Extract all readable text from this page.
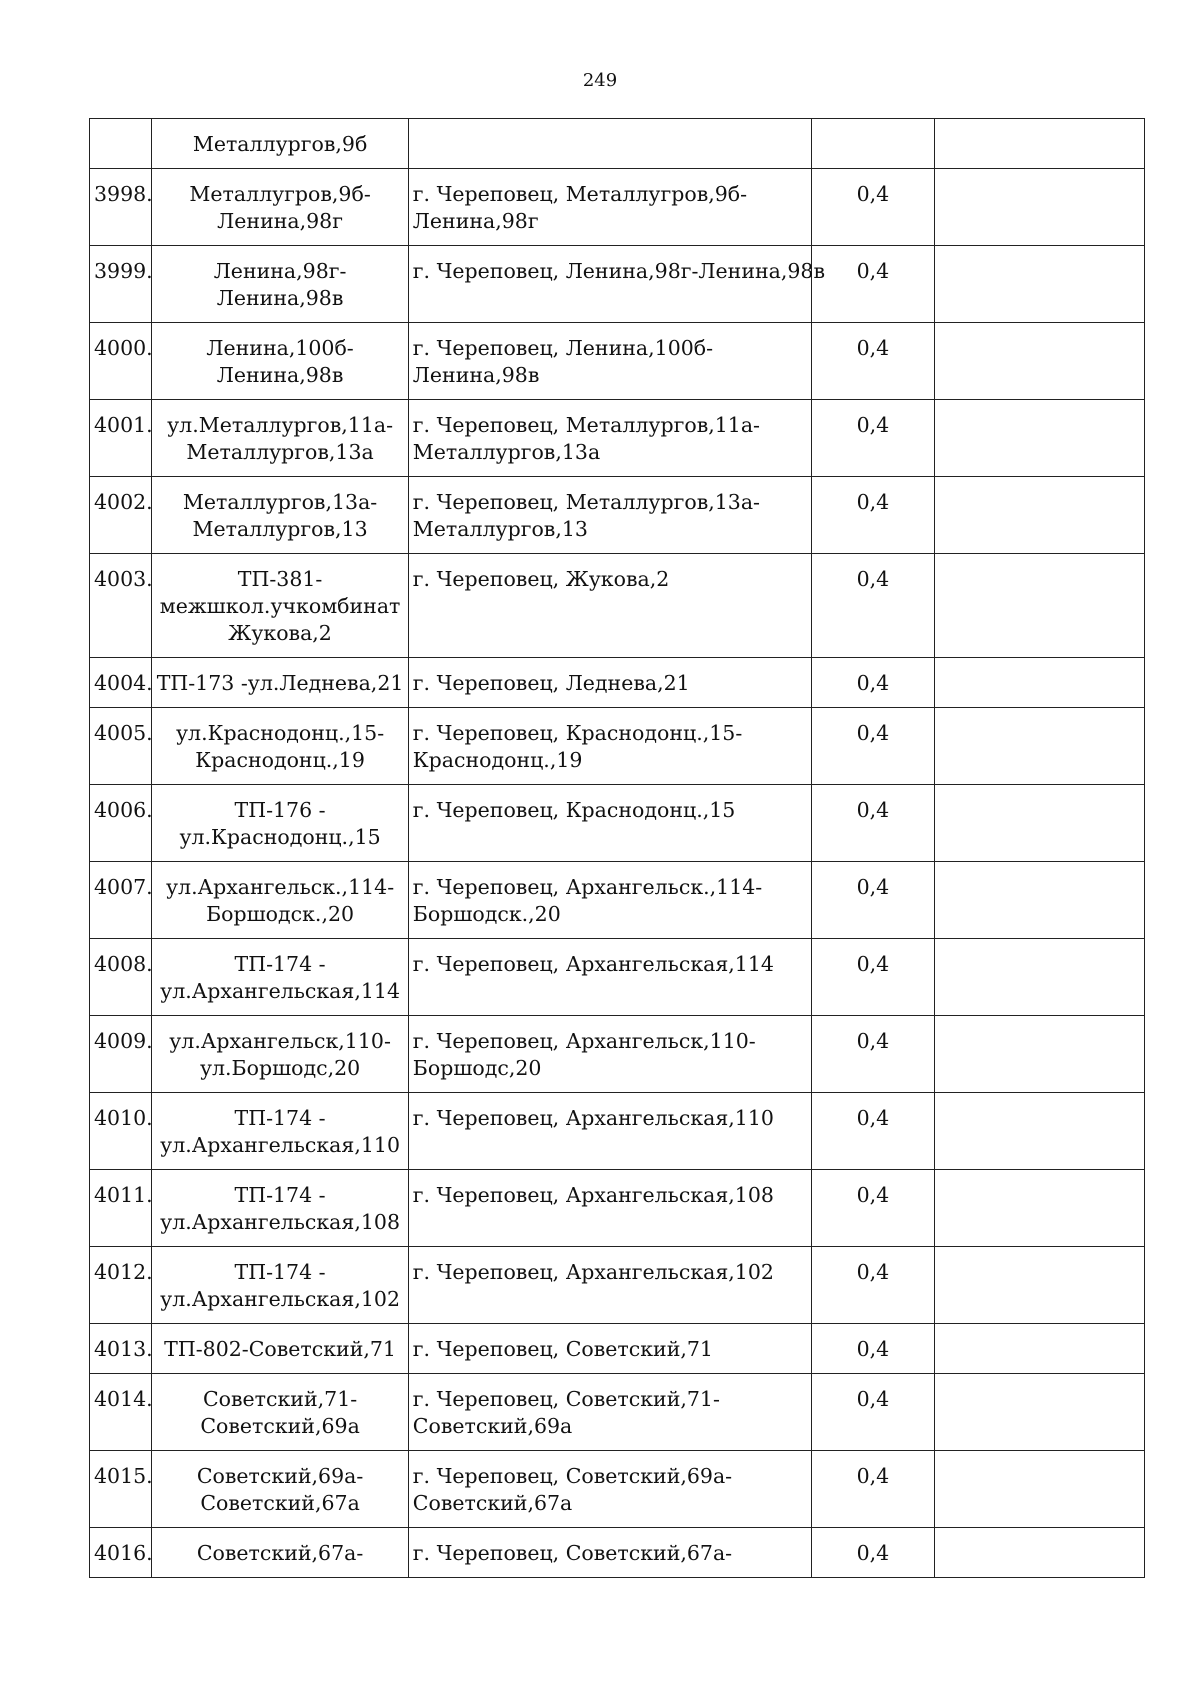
249

	Металлургов,9б			

3998.	Металлугров,9б-
Ленина,98г	г. Череповец, Металлугров,9б-
Ленина,98г	0,4	
3999.	Ленина,98г-
Ленина,98в	г. Череповец, Ленина,98г-Ленина,98в	0,4	
4000.	Ленина,100б-
Ленина,98в	г. Череповец, Ленина,100б-
Ленина,98в	0,4	
4001.	ул.Металлургов,11а-
Металлургов,13а	г. Череповец, Металлургов,11а-
Металлургов,13а	0,4	
4002.	Металлургов,13а-
Металлургов,13	г. Череповец, Металлургов,13а-
Металлургов,13	0,4	
4003.	ТП-381-
межшкол.учкомбинат
Жукова,2	г. Череповец, Жукова,2	0,4	
4004.	ТП-173 -ул.Леднева,21	г. Череповец, Леднева,21	0,4	
4005.	ул.Краснодонц.,15-
Краснодонц.,19	г. Череповец, Краснодонц.,15-
Краснодонц.,19	0,4	
4006.	ТП-176 -
ул.Краснодонц.,15	г. Череповец, Краснодонц.,15	0,4	
4007.	ул.Архангельск.,114-
Боршодск.,20	г. Череповец, Архангельск.,114-
Боршодск.,20	0,4	
4008.	ТП-174 -
ул.Архангельская,114	г. Череповец, Архангельская,114	0,4	
4009.	ул.Архангельск,110-
ул.Боршодс,20	г. Череповец, Архангельск,110-
Боршодс,20	0,4	
4010.	ТП-174 -
ул.Архангельская,110	г. Череповец, Архангельская,110	0,4	
4011.	ТП-174 -
ул.Архангельская,108	г. Череповец, Архангельская,108	0,4	
4012.	ТП-174 -
ул.Архангельская,102	г. Череповец, Архангельская,102	0,4	
4013.	ТП-802-Советский,71	г. Череповец, Советский,71	0,4	
4014.	Советский,71-
Советский,69а	г. Череповец, Советский,71-
Советский,69а	0,4	
4015.	Советский,69а-
Советский,67а	г. Череповец, Советский,69а-
Советский,67а	0,4	
4016.	Советский,67а-	г. Череповец, Советский,67а-	0,4	
